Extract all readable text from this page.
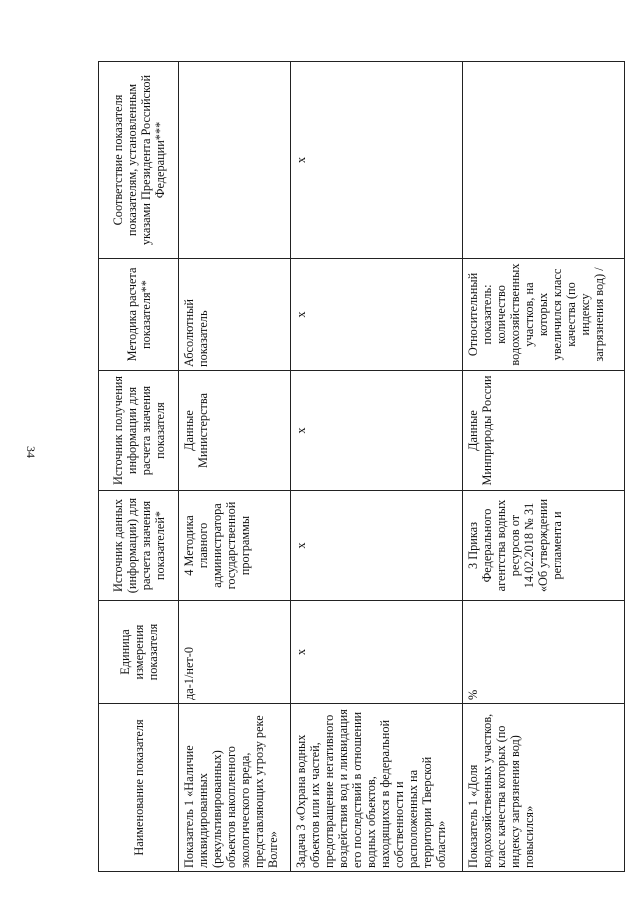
34
Наименование показателя	Единица измерения показателя	Источник данных (информации) для расчета значения показателей*	Источник получения информации для расчета значения показателя	Методика расчета показателя**	Соответствие показателя показателям, установленным указами Президента Российской Федерации***
Показатель 1 «Наличие ликвидированных (рекультивированных) объектов накопленного экологического вреда, представляющих угрозу реке Волге»	да-1/нет-0	4 Методика главного администратора государственной программы	Данные Министерства	Абсолютный показатель	
Задача 3 «Охрана водных объектов или их частей, предотвращение негативного воздействия вод и ликвидация его последствий в отношении водных объектов, находящихся в федеральной собственности и расположенных на территории Тверской области»	х	х	х	х	х
Показатель 1 «Доля водохозяйственных участков, класс качества которых (по индексу загрязнения вод) повысился»	%	3 Приказ Федерального агентства водных ресурсов от 14.02.2018 № 31 «Об утверждении регламента и	Данные Минприроды России	Относительный показатель: количество водохозяйственных участков, на которых увеличился класс качества (по индексу загрязнения вод) /	
